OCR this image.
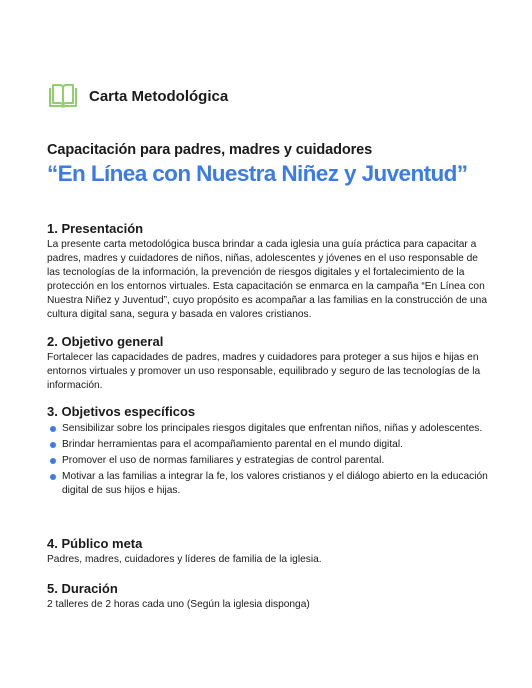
Carta Metodológica
Capacitación para padres, madres y cuidadores
“En Línea con Nuestra Niñez y Juventud”
1. Presentación

La presente carta metodológica busca brindar a cada iglesia una guía práctica para capacitar a padres, madres y cuidadores de niños, niñas, adolescentes y jóvenes en el uso responsable de las tecnologías de la información, la prevención de riesgos digitales y el fortalecimiento de la protección en los entornos virtuales. Esta capacitación se enmarca en la campaña “En Línea con Nuestra Niñez y Juventud”, cuyo propósito es acompañar a las familias en la construcción de una cultura digital sana, segura y basada en valores cristianos.

2. Objetivo general

Fortalecer las capacidades de padres, madres y cuidadores para proteger a sus hijos e hijas en entornos virtuales y promover un uso responsable, equilibrado y seguro de las tecnologías de la información.

3. Objetivos específicos
Sensibilizar sobre los principales riesgos digitales que enfrentan niños, niñas y adolescentes.
Brindar herramientas para el acompañamiento parental en el mundo digital.
Promover el uso de normas familiares y estrategias de control parental.
Motivar a las familias a integrar la fe, los valores cristianos y el diálogo abierto en la educación digital de sus hijos e hijas.
4. Público meta

Padres, madres, cuidadores y líderes de familia de la iglesia.

5. Duración

2 talleres de 2 horas cada uno (Según la iglesia disponga)
